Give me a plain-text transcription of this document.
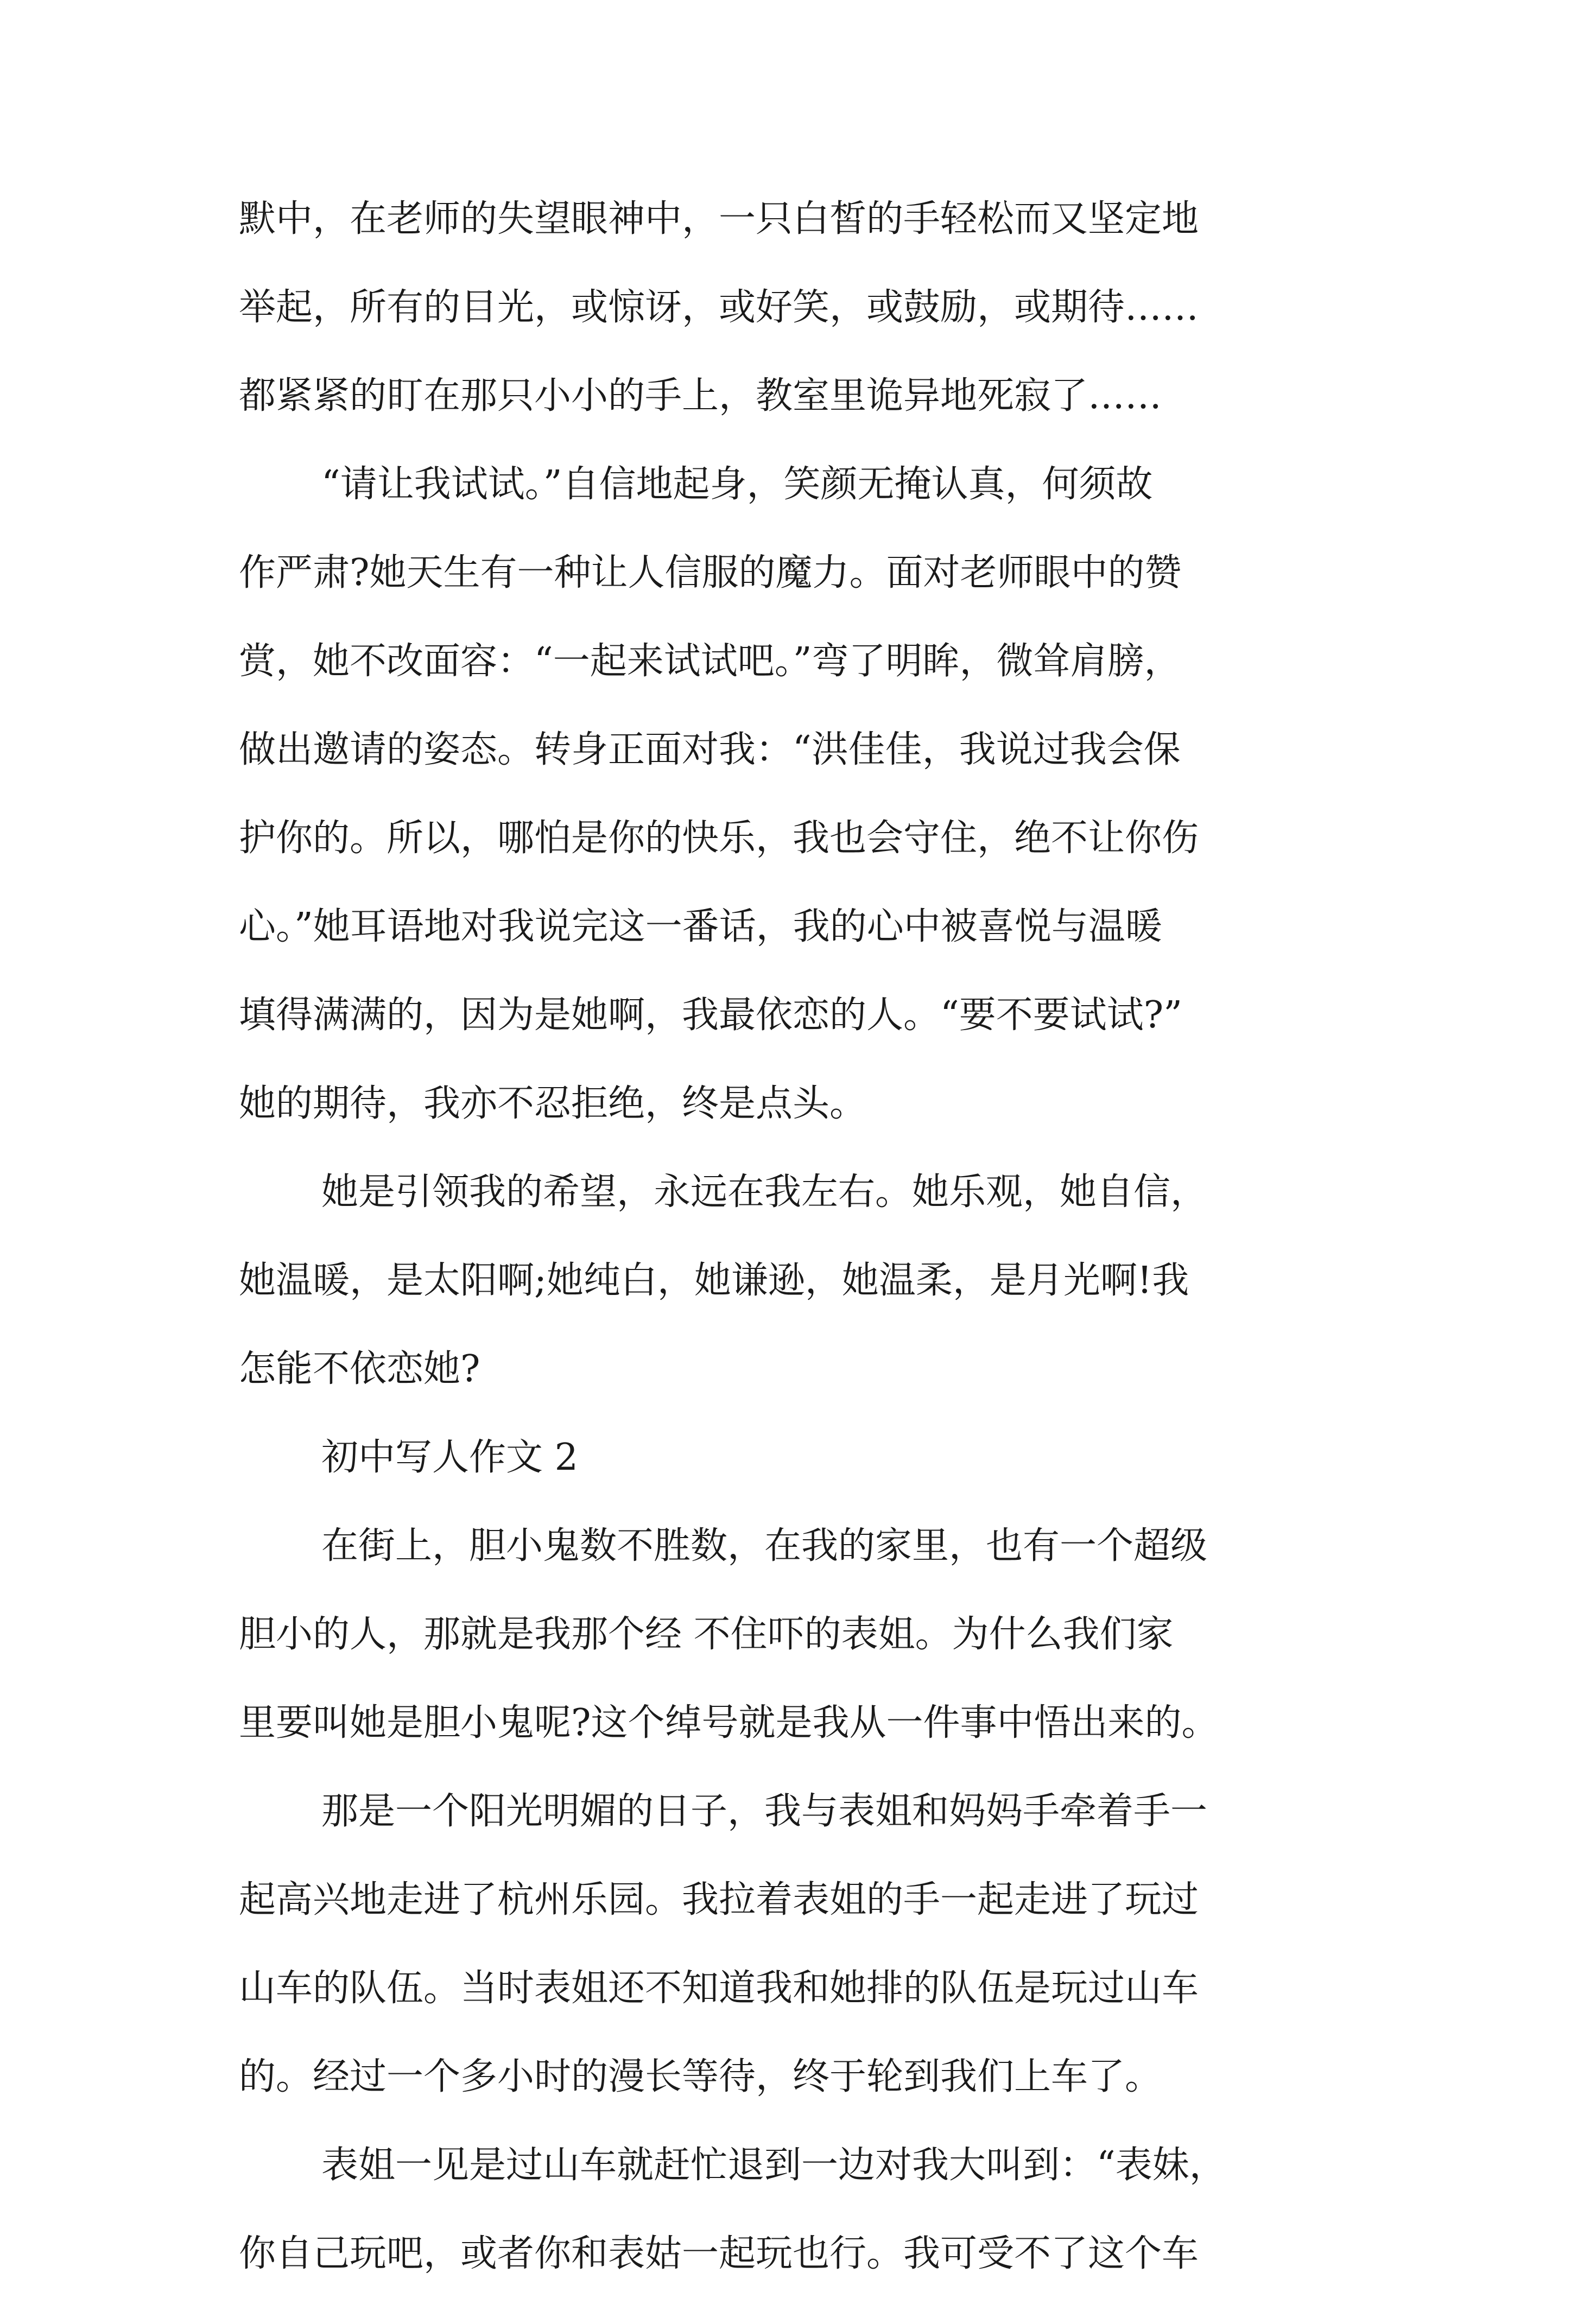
默中，在老师的失望眼神中，一只白皙的手轻松而又坚定地
举起，所有的目光，或惊讶，或好笑，或鼓励，或期待……
都紧紧的盯在那只小小的手上，教室里诡异地死寂了……
“请让我试试。”自信地起身，笑颜无掩认真，何须故
作严肃?她天生有一种让人信服的魔力。面对老师眼中的赞
赏，她不改面容：“一起来试试吧。”弯了明眸，微耸肩膀，
做出邀请的姿态。转身正面对我：“洪佳佳，我说过我会保
护你的。所以，哪怕是你的快乐，我也会守住，绝不让你伤
心。”她耳语地对我说完这一番话，我的心中被喜悦与温暖
填得满满的，因为是她啊，我最依恋的人。“要不要试试?”
她的期待，我亦不忍拒绝，终是点头。
她是引领我的希望，永远在我左右。她乐观，她自信，
她温暖，是太阳啊;她纯白，她谦逊，她温柔，是月光啊!我
怎能不依恋她?
初中写人作文 2
在街上，胆小鬼数不胜数，在我的家里，也有一个超级
胆小的人，那就是我那个经 不住吓的表姐。为什么我们家
里要叫她是胆小鬼呢?这个绰号就是我从一件事中悟出来的。
那是一个阳光明媚的日子，我与表姐和妈妈手牵着手一
起高兴地走进了杭州乐园。我拉着表姐的手一起走进了玩过
山车的队伍。当时表姐还不知道我和她排的队伍是玩过山车
的。经过一个多小时的漫长等待，终于轮到我们上车了。
表姐一见是过山车就赶忙退到一边对我大叫到：“表妹，
你自己玩吧，或者你和表姑一起玩也行。我可受不了这个车
